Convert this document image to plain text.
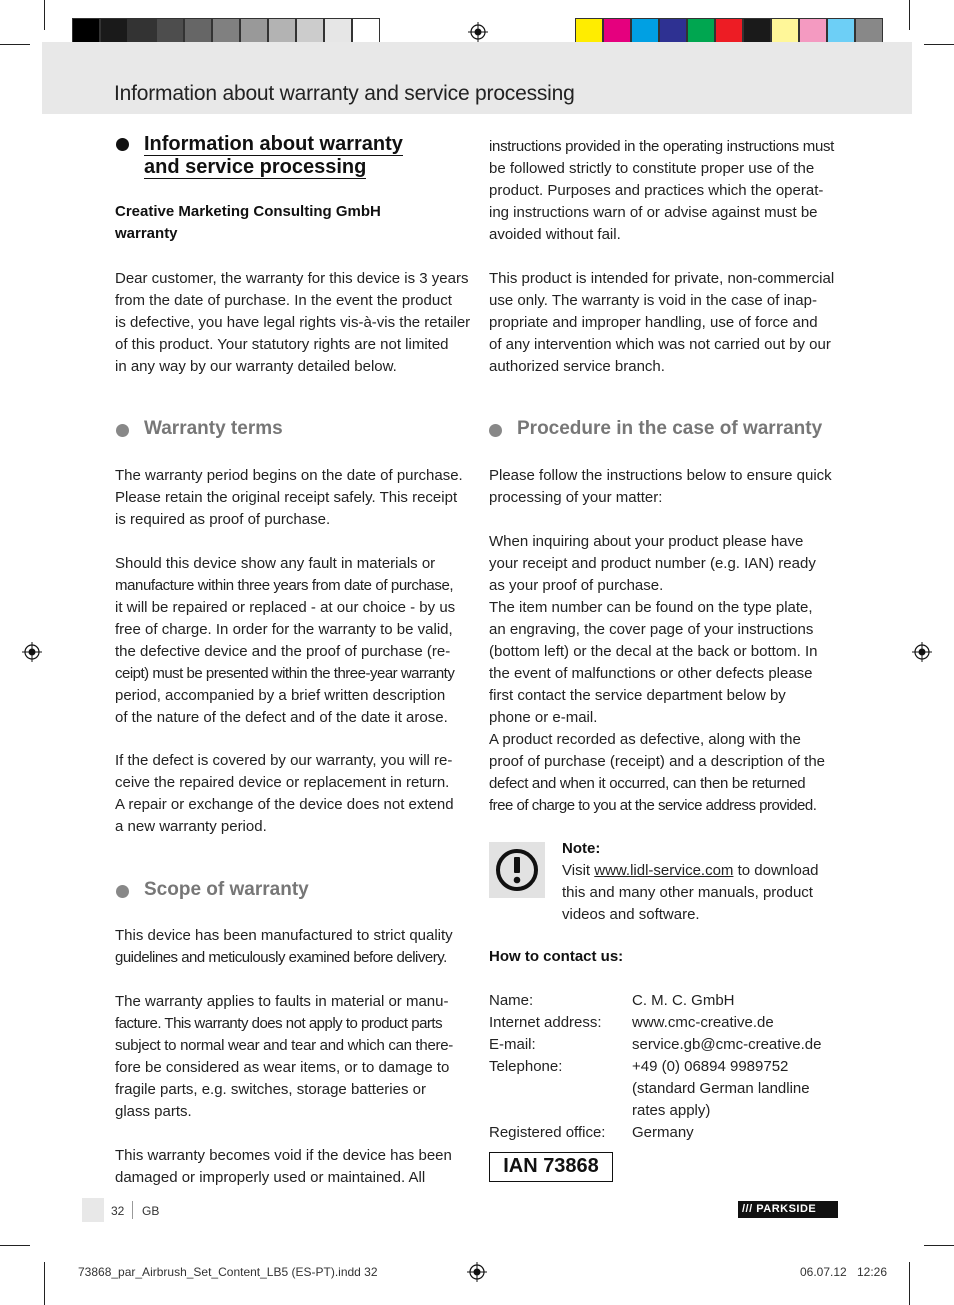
Information about warranty and service processing
Information about warranty
and service processing
Creative Marketing Consulting GmbH
warranty

Dear customer, the warranty for this device is 3 years

from the date of purchase. In the event the product

is defective, you have legal rights vis-à-vis the retailer

of this product. Your statutory rights are not limited

in any way by our warranty detailed below.

Warranty terms

The warranty period begins on the date of purchase.

Please retain the original receipt safely. This receipt

is required as proof of purchase.

Should this device show any fault in materials or

manufacture within three years from date of purchase,

it will be repaired or replaced - at our choice - by us

free of charge. In order for the warranty to be valid,

the defective device and the proof of purchase (re-

ceipt) must be presented within the three-year warranty

period, accompanied by a brief written description

of the nature of the defect and of the date it arose.

If the defect is covered by our warranty, you will re-

ceive the repaired device or replacement in return.

A repair or exchange of the device does not extend

a new warranty period.

Scope of warranty

This device has been manufactured to strict quality

guidelines and meticulously examined before delivery.

The warranty applies to faults in material or manu-

facture. This warranty does not apply to product parts

subject to normal wear and tear and which can there-

fore be considered as wear items, or to damage to

fragile parts, e.g. switches, storage batteries or

glass parts.

This warranty becomes void if the device has been

damaged or improperly used or maintained. All

instructions provided in the operating instructions must

be followed strictly to constitute proper use of the

product. Purposes and practices which the operat-

ing instructions warn of or advise against must be

avoided without fail.

This product is intended for private, non-commercial

use only. The warranty is void in the case of inap-

propriate and improper handling, use of force and

of any intervention which was not carried out by our

authorized service branch.

Procedure in the case of warranty

Please follow the instructions below to ensure quick

processing of your matter:

When inquiring about your product please have

your receipt and product number (e.g. IAN) ready

as your proof of purchase.

The item number can be found on the type plate,

an engraving, the cover page of your instructions

(bottom left) or the decal at the back or bottom. In

the event of malfunctions or other defects please

first contact the service department below by

phone or e-mail.

A product recorded as defective, along with the

proof of purchase (receipt) and a description of the

defect and when it occurred, can then be returned

free of charge to you at the service address provided.

Note:

Visit www.lidl-service.com to download

this and many other manuals, product

videos and software.

How to contact us:
Name:	C. M. C. GmbH
Internet address: www.cmc-creative.de
E-mail:	service.gb@cmc-creative.de
Telephone:	+49 (0) 06894 9989752
(standard German landline
rates apply)
Registered office: Germany
IAN 73868
32 GB	/// PARKSIDE
73868_par_Airbrush_Set_Content_LB5 (ES-PT).indd 32	06.07.12 12:26
